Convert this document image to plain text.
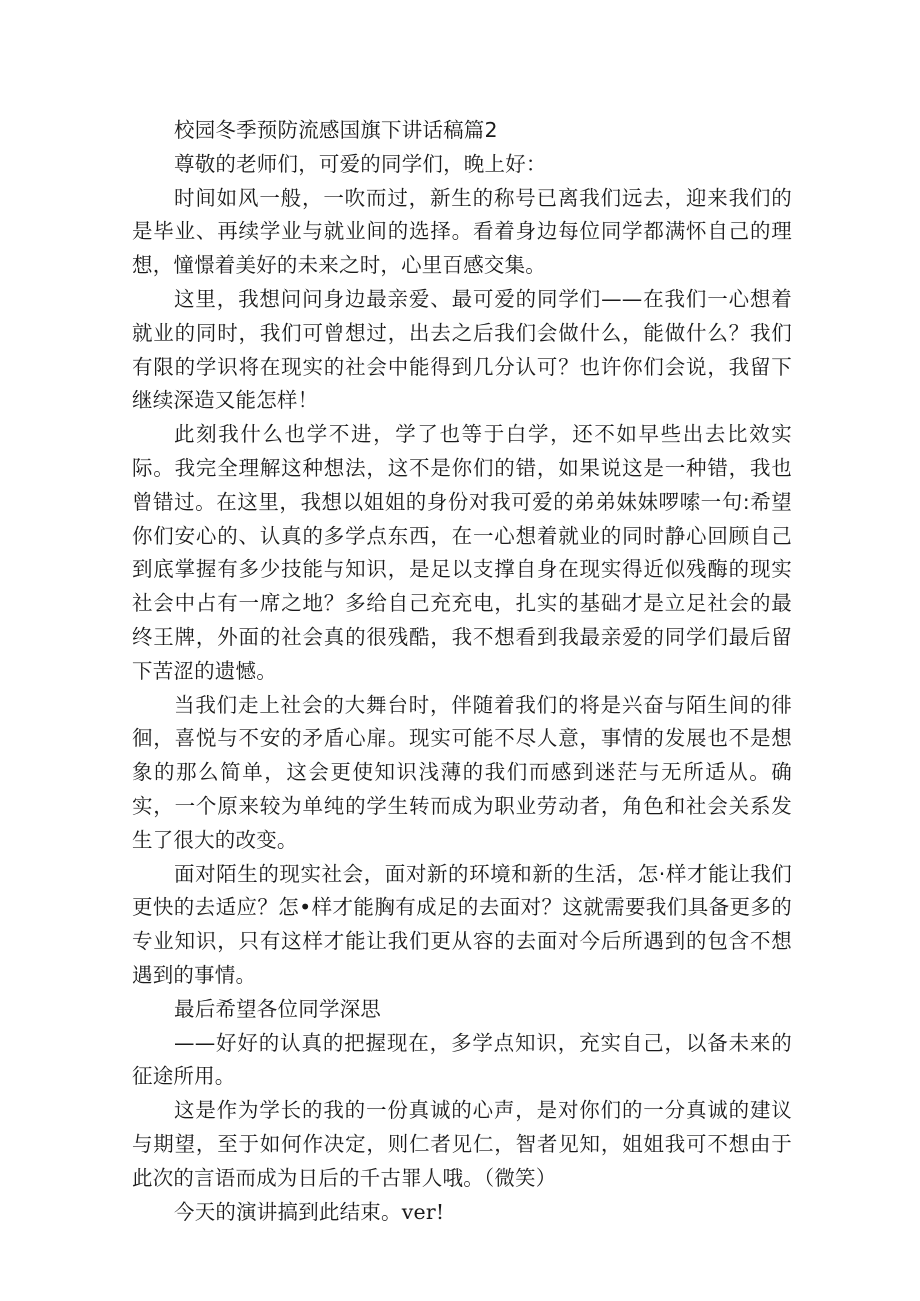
校园冬季预防流感国旗下讲话稿篇2

尊敬的老师们，可爱的同学们，晚上好：

时间如风一般，一吹而过，新生的称号已离我们远去，迎来我们的是毕业、再续学业与就业间的选择。看着身边每位同学都满怀自己的理想，憧憬着美好的未来之时，心里百感交集。

这里，我想问问身边最亲爱、最可爱的同学们——在我们一心想着就业的同时，我们可曾想过，出去之后我们会做什么，能做什么？我们有限的学识将在现实的社会中能得到几分认可？也许你们会说，我留下继续深造又能怎样！

此刻我什么也学不进，学了也等于白学，还不如早些出去比效实际。我完全理解这种想法，这不是你们的错，如果说这是一种错，我也曾错过。在这里，我想以姐姐的身份对我可爱的弟弟妹妹啰嗦一句:希望你们安心的、认真的多学点东西，在一心想着就业的同时静心回顾自己到底掌握有多少技能与知识，是足以支撑自身在现实得近似残酶的现实社会中占有一席之地？多给自己充充电，扎实的基础才是立足社会的最终王牌，外面的社会真的很残酷，我不想看到我最亲爱的同学们最后留下苦涩的遗憾。

当我们走上社会的大舞台时，伴随着我们的将是兴奋与陌生间的徘徊，喜悦与不安的矛盾心扉。现实可能不尽人意，事情的发展也不是想象的那么简单，这会更使知识浅薄的我们而感到迷茫与无所适从。确实，一个原来较为单纯的学生转而成为职业劳动者，角色和社会关系发生了很大的改变。

面对陌生的现实社会，面对新的环境和新的生活，怎·样才能让我们更快的去适应？怎•样才能胸有成足的去面对？这就需要我们具备更多的专业知识，只有这样才能让我们更从容的去面对今后所遇到的包含不想遇到的事情。

最后希望各位同学深思

——好好的认真的把握现在，多学点知识，充实自己，以备未来的征途所用。

这是作为学长的我的一份真诚的心声，是对你们的一分真诚的建议与期望，至于如何作决定，则仁者见仁，智者见知，姐姐我可不想由于此次的言语而成为日后的千古罪人哦。（微笑）

今天的演讲搞到此结束。ver!
